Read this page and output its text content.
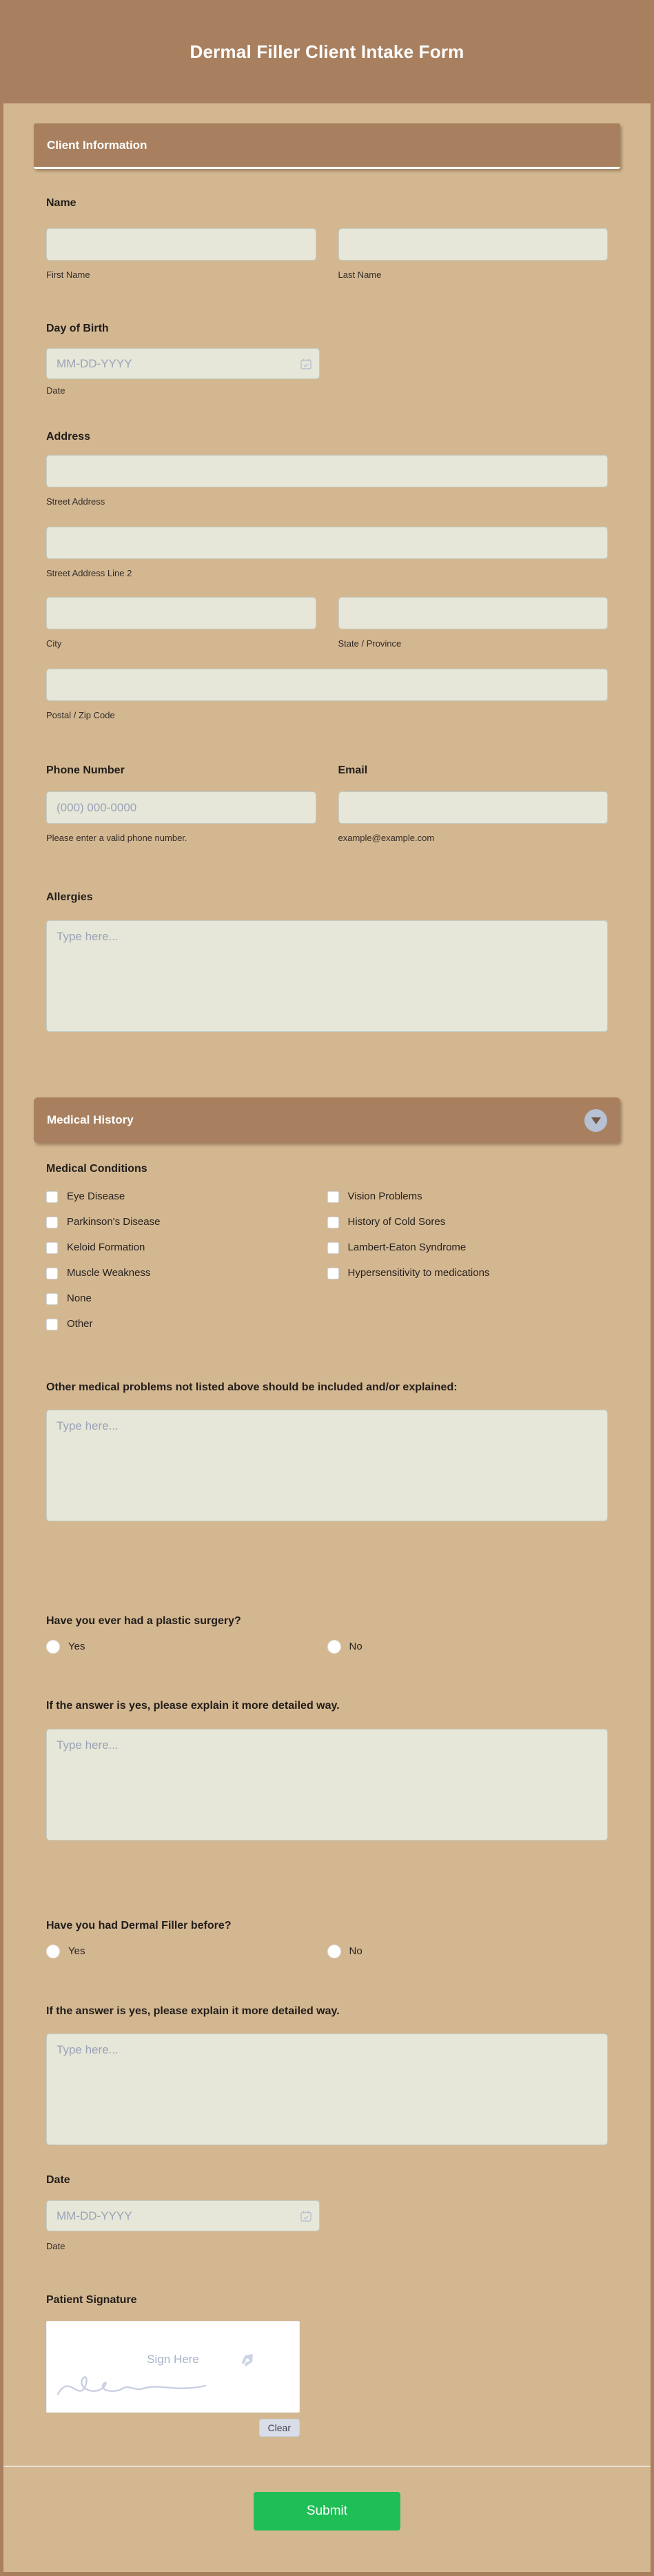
Dermal Filler Client Intake Form
Client Information
Name
First Name	Last Name
Day of Birth
MM-DD-YYYY
Date
Address
Street Address
Street Address Line 2
City	State / Province
Postal / Zip Code
Phone Number	Email
(000) 000-0000
Please enter a valid phone number.	example@example.com
Allergies
Type here...
Medical History
Medical Conditions
Eye Disease
Parkinson's Disease
Keloid Formation
Muscle Weakness
None
Other
Vision Problems
History of Cold Sores
Lambert-Eaton Syndrome
Hypersensitivity to medications
Other medical problems not listed above should be included and/or explained:
Type here...
Have you ever had a plastic surgery?
Yes	No
If the answer is yes, please explain it more detailed way.
Type here...
Have you had Dermal Filler before?
Yes	No
If the answer is yes, please explain it more detailed way.
Type here...
Date
MM-DD-YYYY
Date
Patient Signature
Sign Here
Clear
Submit
